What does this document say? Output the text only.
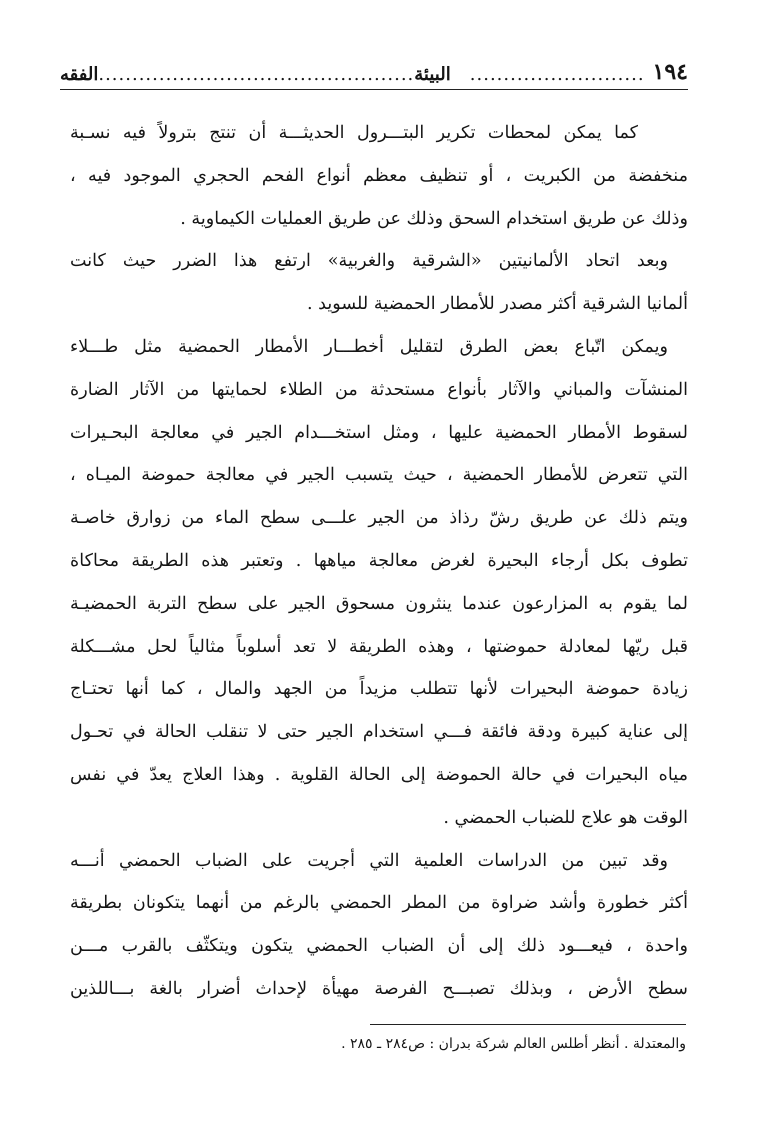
١٩٤
..........................
البيئة
...............................................
الفقه
كما يمكن لمحطات تكرير البتـــرول الحديثـــة أن تنتج بترولاً فيه نسـبة
منخفضة من الكبريت ، أو تنظيف معظم أنواع الفحم الحجري الموجود فيه ،
وذلك عن طريق استخدام السحق وذلك عن طريق العمليات الكيماوية .
وبعد اتحاد الألمانيتين «الشرقية والغربية» ارتفع هذا الضرر حيث كانت
ألمانيا الشرقية أكثر مصدر للأمطار الحمضية للسويد .
ويمكن اتّباع بعض الطرق لتقليل أخطـــار الأمطار الحمضية مثل طـــلاء
المنشآت والمباني والآثار بأنواع مستحدثة من الطلاء لحمايتها من الآثار الضارة
لسقوط الأمطار الحمضية عليها ، ومثل استخـــدام الجير في معالجة البحـيرات
التي تتعرض للأمطار الحمضية ، حيث يتسبب الجير في معالجة حموضة الميـاه ،
ويتم ذلك عن طريق رشّ رذاذ من الجير علـــى سطح الماء من زوارق خاصـة
تطوف بكل أرجاء البحيرة لغرض معالجة مياهها . وتعتبر هذه الطريقة محاكاة
لما يقوم به المزارعون عندما ينثرون مسحوق الجير على سطح التربة الحمضيـة
قبل ريّها لمعادلة حموضتها ، وهذه الطريقة لا تعد أسلوباً مثالياً لحل مشـــكلة
زيادة حموضة البحيرات لأنها تتطلب مزيداً من الجهد والمال ، كما أنها تحتـاج
إلى عناية كبيرة ودقة فائقة فـــي استخدام الجير حتى لا تنقلب الحالة في تحـول
مياه البحيرات في حالة الحموضة إلى الحالة القلوية . وهذا العلاج يعدّ في نفس
الوقت هو علاج للضباب الحمضي .
وقد تبين من الدراسات العلمية التي أجريت على الضباب الحمضي أنـــه
أكثر خطورة وأشد ضراوة من المطر الحمضي بالرغم من أنهما يتكونان بطريقة
واحدة ، فيعـــود ذلك إلى أن الضباب الحمضي يتكون ويتكثّف بالقرب مـــن
سطح الأرض ، وبذلك تصبـــح الفرصة مهيأة لإحداث أضرار بالغة بـــاللذين
والمعتدلة . أنظر أطلس العالم شركة بدران : ص٢٨٤ ـ ٢٨٥ .
